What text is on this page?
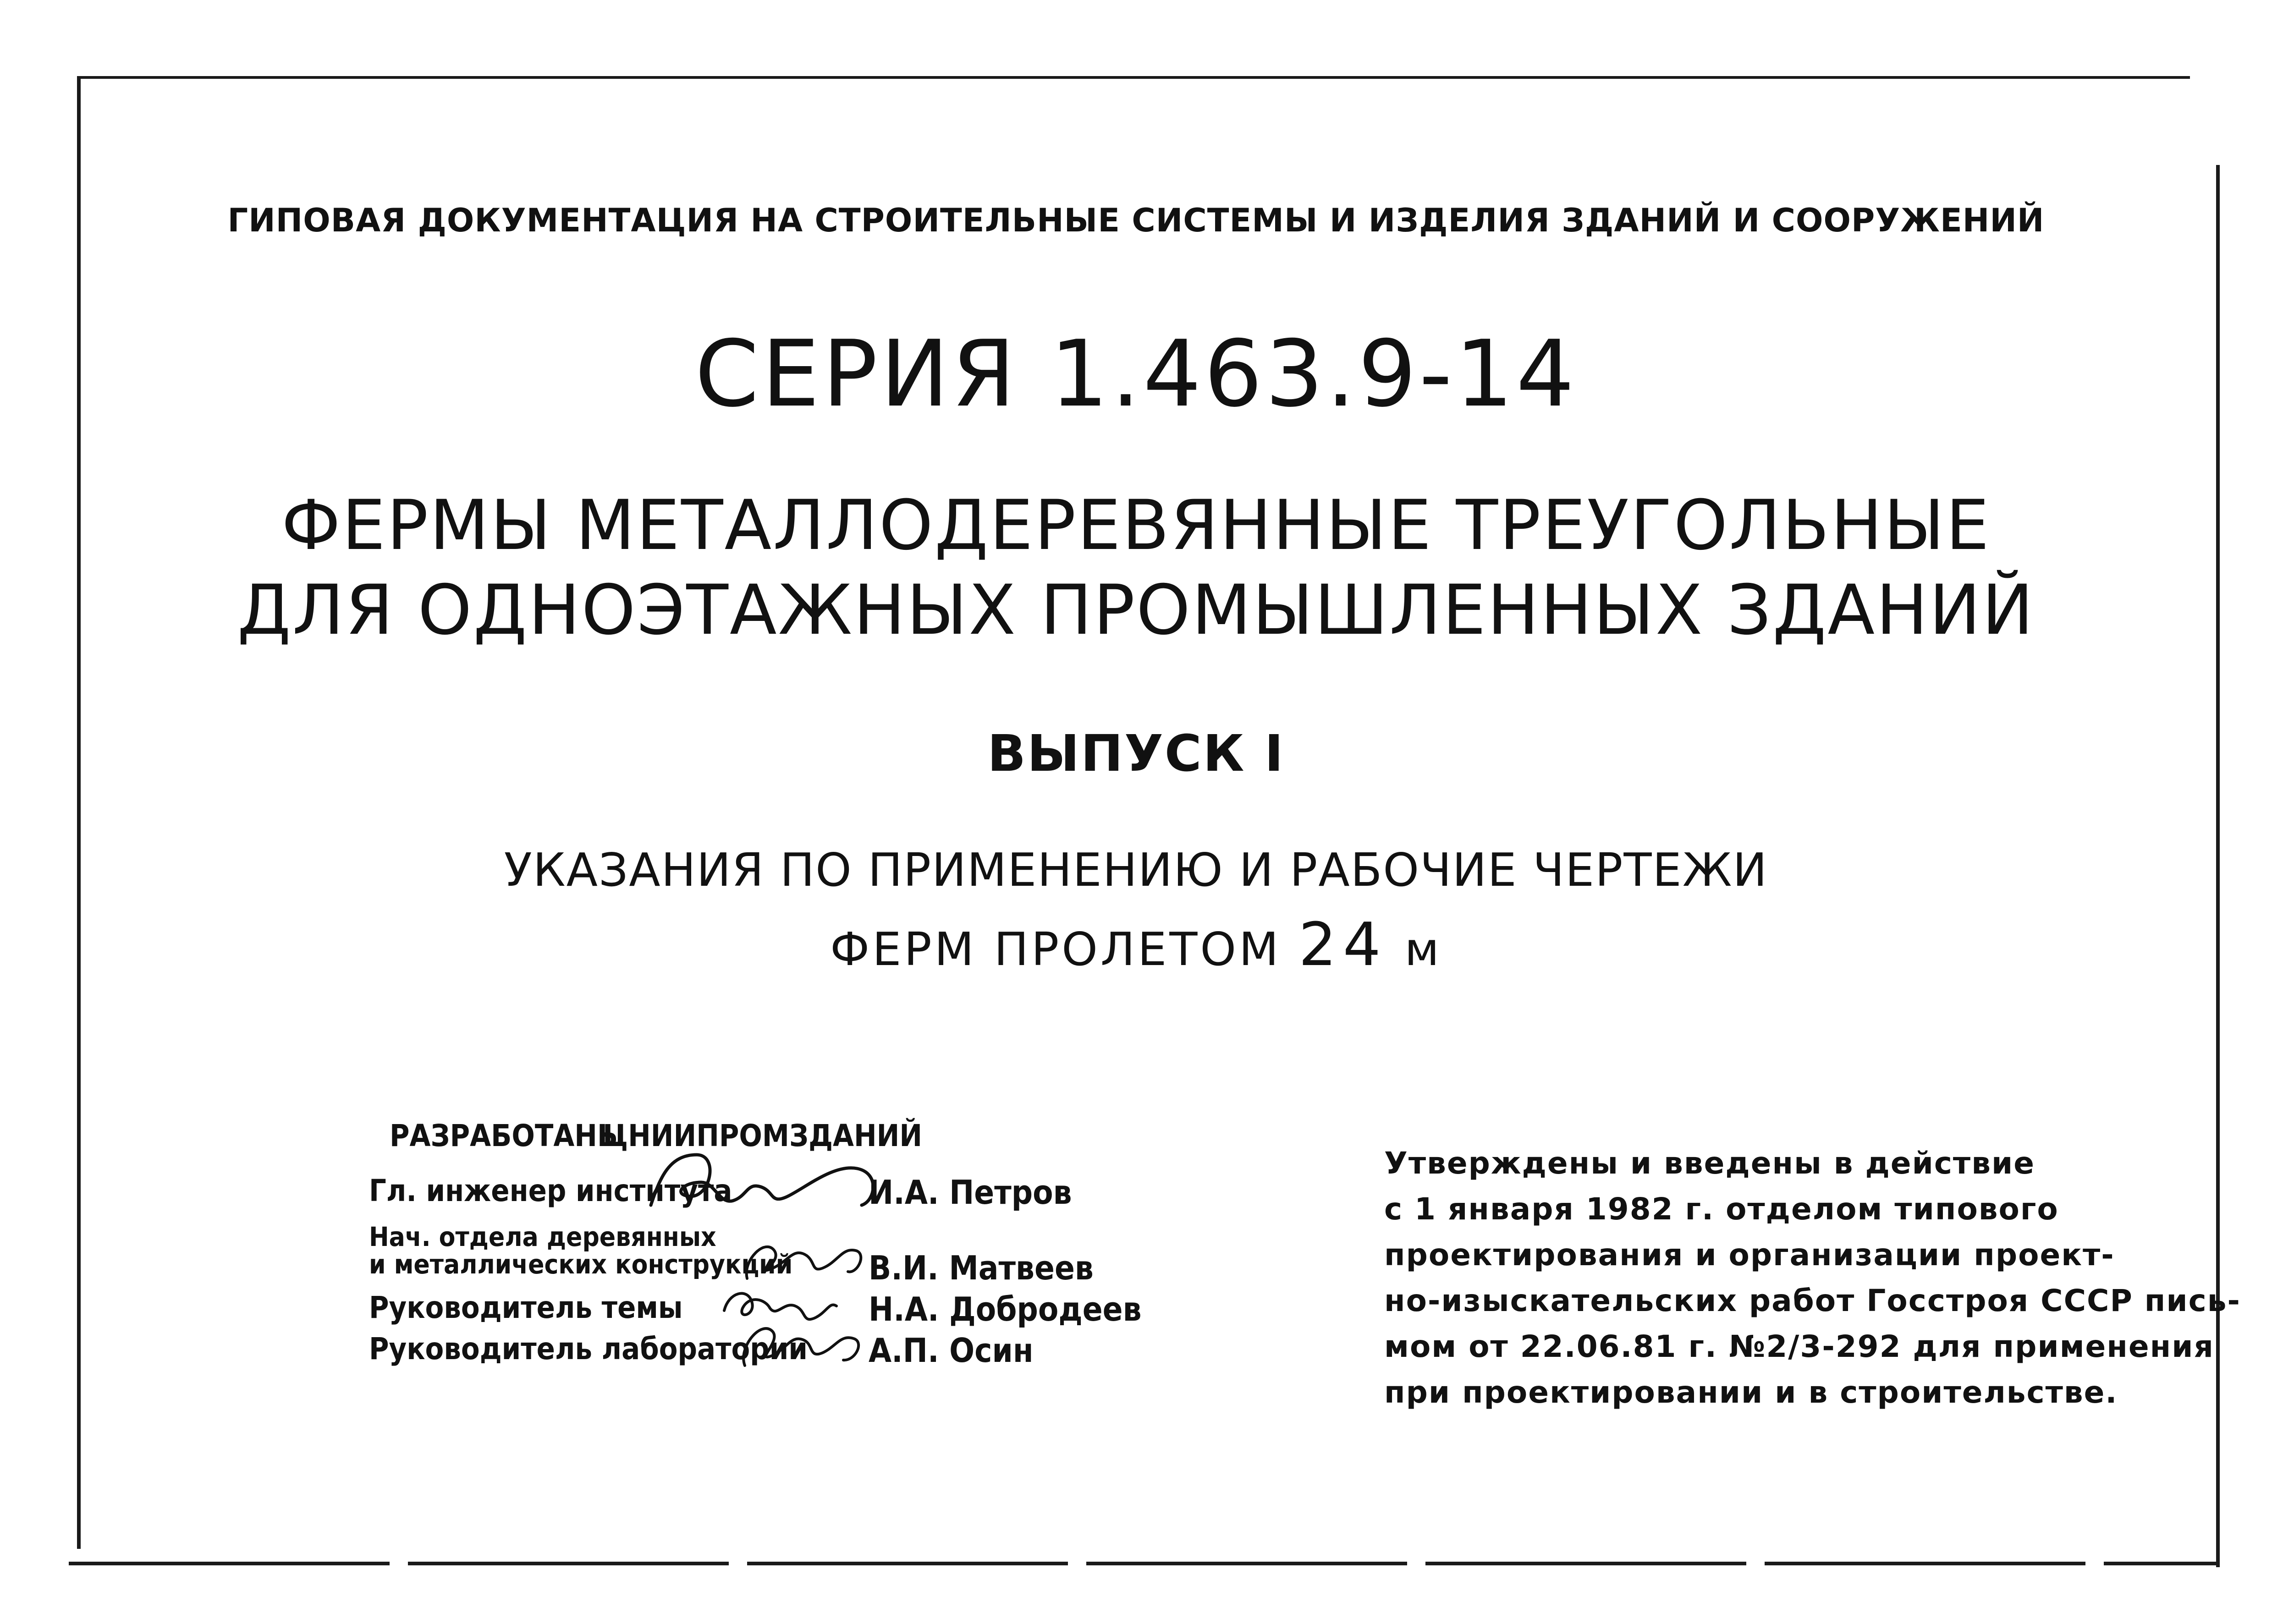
ГИПОВАЯ ДОКУМЕНТАЦИЯ НА СТРОИТЕЛЬНЫЕ СИСТЕМЫ И ИЗДЕЛИЯ ЗДАНИЙ И СООРУЖЕНИЙ
СЕРИЯ 1.463.9-14
ФЕРМЫ МЕТАЛЛОДЕРЕВЯННЫЕ ТРЕУГОЛЬНЫЕ
ДЛЯ ОДНОЭТАЖНЫХ ПРОМЫШЛЕННЫХ ЗДАНИЙ
ВЫПУСК I
УКАЗАНИЯ ПО ПРИМЕНЕНИЮ И РАБОЧИЕ ЧЕРТЕЖИ
ФЕРМ ПРОЛЕТОМ 24 м
РАЗРАБОТАНЫ
ЦНИИПРОМЗДАНИЙ
Гл. инженер института	И.А. Петров
Нач. отдела деревянных
и металлических конструкций В.И. Матвеев
Руководитель темы	Н.А. Добродеев
Руководитель лаборатории А.П. Осин
Утверждены и введены в действие
с 1 января 1982 г. отделом типового
проектирования и организации проект-
но-изыскательских работ Госстроя СССР пись-
мом от 22.06.81 г. №2/3-292 для применения
при проектировании и в строительстве.
